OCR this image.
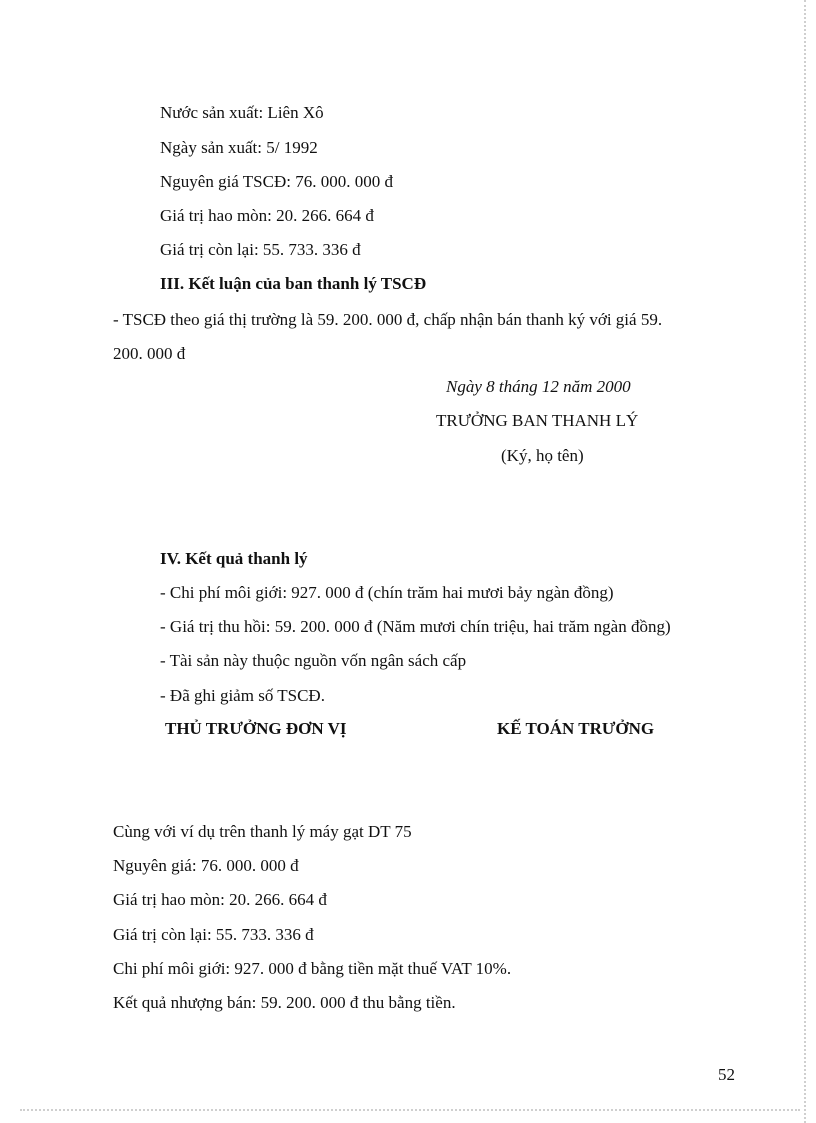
Nước sản xuất: Liên Xô
Ngày sản xuất: 5/ 1992
Nguyên giá TSCĐ: 76. 000. 000 đ
Giá trị hao mòn: 20. 266. 664 đ
Giá trị còn lại: 55. 733. 336 đ
III. Kết luận của ban thanh lý TSCĐ
- TSCĐ theo giá thị trường là 59. 200. 000 đ, chấp nhận bán thanh ký với giá 59.
200. 000 đ
Ngày 8 tháng 12 năm 2000
TRƯỞNG BAN THANH LÝ
(Ký, họ tên)
IV. Kết quả thanh lý
- Chi phí môi giới: 927. 000 đ (chín trăm hai mươi bảy ngàn đồng)
- Giá trị thu hồi: 59. 200. 000 đ (Năm mươi chín triệu, hai trăm ngàn đồng)
- Tài sản này thuộc nguồn vốn ngân sách cấp
- Đã ghi giảm số TSCĐ.
THỦ TRƯỞNG ĐƠN VỊ	KẾ TOÁN TRƯỞNG
Cùng với ví dụ trên thanh lý máy gạt DT 75
Nguyên giá: 76. 000. 000 đ
Giá trị hao mòn: 20. 266. 664 đ
Giá trị còn lại: 55. 733. 336 đ
Chi phí môi giới: 927. 000 đ bằng tiền mặt thuế VAT 10%.
Kết quả nhượng bán: 59. 200. 000 đ thu bằng tiền.
52
